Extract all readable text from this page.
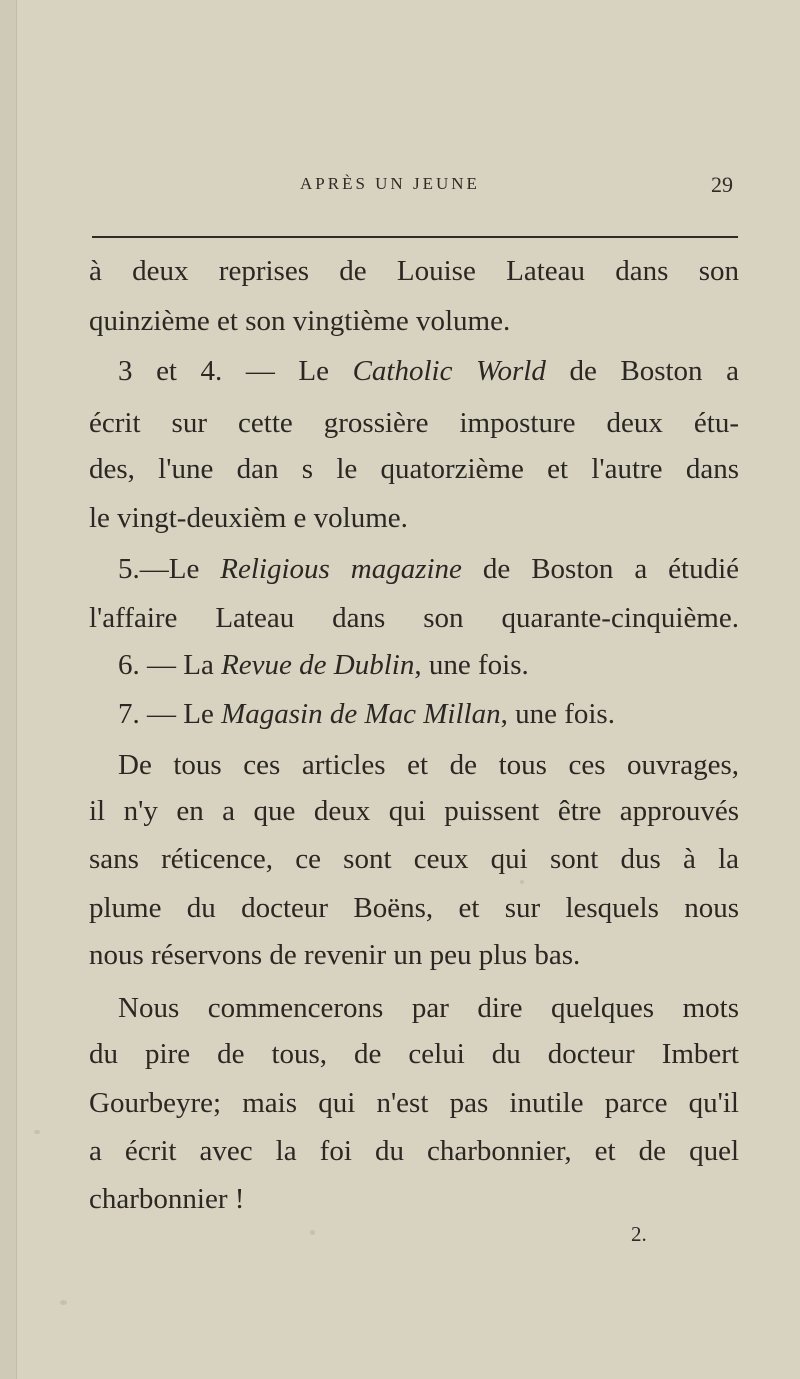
APRÈS UN JEUNE	29
à deux reprises de Louise Lateau dans son
quinzième et son vingtième volume.
3 et 4. — Le Catholic World de Boston a
écrit sur cette grossière imposture deux étu-
des, l'une dan s le quatorzième et l'autre dans
le vingt-deuxièm e volume.
5.—Le Religious magazine de Boston a étudié
l'affaire Lateau dans son quarante-cinquième.
6. — La Revue de Dublin, une fois.
7. — Le Magasin de Mac Millan, une fois.
De tous ces articles et de tous ces ouvrages,
il n'y en a que deux qui puissent être approuvés
sans réticence, ce sont ceux qui sont dus à la
plume du docteur Boëns, et sur lesquels nous
nous réservons de revenir un peu plus bas.
Nous commencerons par dire quelques mots
du pire de tous, de celui du docteur Imbert
Gourbeyre; mais qui n'est pas inutile parce qu'il
a écrit avec la foi du charbonnier, et de quel
charbonnier !
2.
